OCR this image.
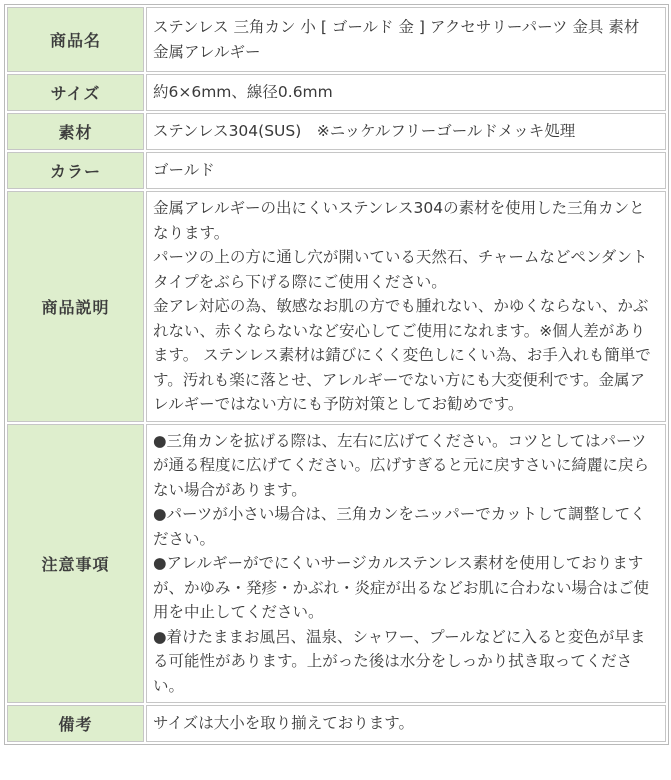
商品名	ステンレス 三角カン 小 [ ゴールド 金 ] アクセサリーパーツ 金具 素材 金属アレルギー
サイズ	約6×6mm、線径0.6mm
素材	ステンレス304(SUS)　※ニッケルフリーゴールドメッキ処理
カラー	ゴールド
商品説明	金属アレルギーの出にくいステンレス304の素材を使用した三角カンとなります。

パーツの上の方に通し穴が開いている天然石、チャームなどペンダントタイプをぶら下げる際にご使用ください。

金アレ対応の為、敏感なお肌の方でも腫れない、かゆくならない、かぶれない、赤くならないなど安心してご使用になれます。※個人差があります。 ステンレス素材は錆びにくく変色しにくい為、お手入れも簡単です。汚れも楽に落とせ、アレルギーでない方にも大変便利です。金属アレルギーではない方にも予防対策としてお勧めです。

注意事項	●三角カンを拡げる際は、左右に広げてください。コツとしてはパーツが通る程度に広げてください。広げすぎると元に戻すさいに綺麗に戻らない場合があります。

●パーツが小さい場合は、三角カンをニッパーでカットして調整してください。

●アレルギーがでにくいサージカルステンレス素材を使用しておりますが、かゆみ・発疹・かぶれ・炎症が出るなどお肌に合わない場合はご使用を中止してください。

●着けたままお風呂、温泉、シャワー、プールなどに入ると変色が早まる可能性があります。上がった後は水分をしっかり拭き取ってください。

備考	サイズは大小を取り揃えております。
